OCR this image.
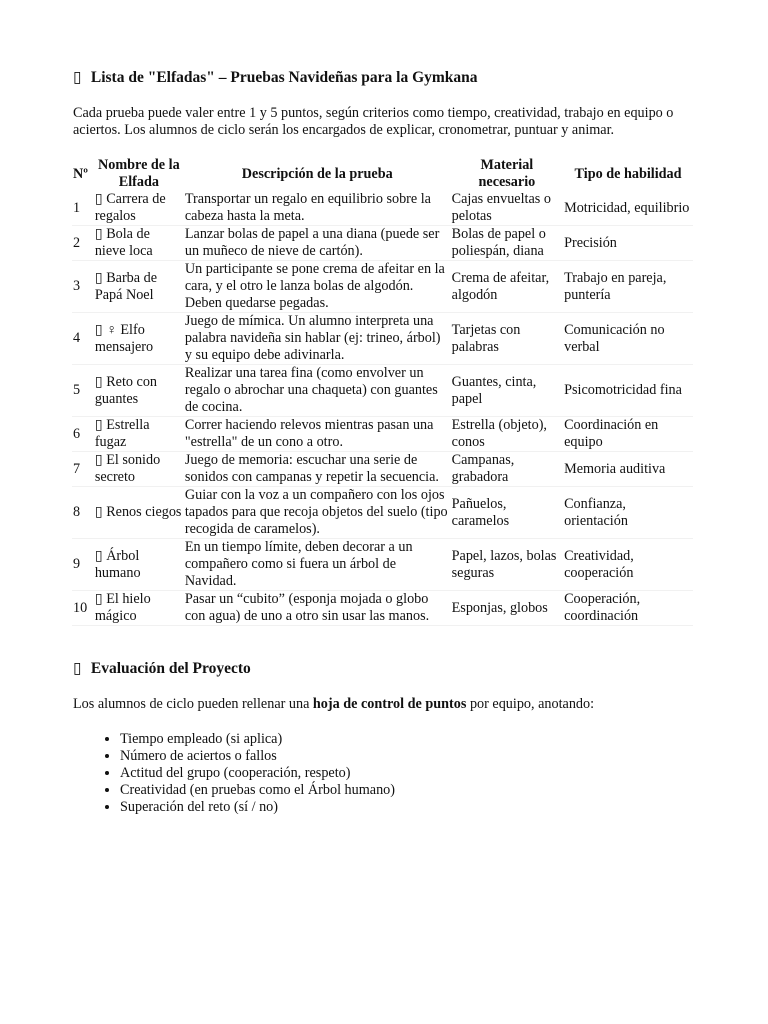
▯ Lista de "Elfadas" – Pruebas Navideñas para la Gymkana

Cada prueba puede valer entre 1 y 5 puntos, según criterios como tiempo, creatividad, trabajo en equipo o aciertos. Los alumnos de ciclo serán los encargados de explicar, cronometrar, puntuar y animar.

Nº	Nombre de la Elfada	Descripción de la prueba	Material necesario	Tipo de habilidad
1	▯ Carrera de regalos	Transportar un regalo en equilibrio sobre la cabeza hasta la meta.	Cajas envueltas o pelotas	Motricidad, equilibrio
2	▯ Bola de nieve loca	Lanzar bolas de papel a una diana (puede ser un muñeco de nieve de cartón).	Bolas de papel o poliespán, diana	Precisión
3	▯ Barba de Papá Noel	Un participante se pone crema de afeitar en la cara, y el otro le lanza bolas de algodón. Deben quedarse pegadas.	Crema de afeitar, algodón	Trabajo en pareja, puntería
4	▯ ♀ Elfo mensajero	Juego de mímica. Un alumno interpreta una palabra navideña sin hablar (ej: trineo, árbol) y su equipo debe adivinarla.	Tarjetas con palabras	Comunicación no verbal
5	▯ Reto con guantes	Realizar una tarea fina (como envolver un regalo o abrochar una chaqueta) con guantes de cocina.	Guantes, cinta, papel	Psicomotricidad fina
6	▯ Estrella fugaz	Correr haciendo relevos mientras pasan una "estrella" de un cono a otro.	Estrella (objeto), conos	Coordinación en equipo
7	▯ El sonido secreto	Juego de memoria: escuchar una serie de sonidos con campanas y repetir la secuencia.	Campanas, grabadora	Memoria auditiva
8	▯ Renos ciegos	Guiar con la voz a un compañero con los ojos tapados para que recoja objetos del suelo (tipo recogida de caramelos).	Pañuelos, caramelos	Confianza, orientación
9	▯ Árbol humano	En un tiempo límite, deben decorar a un compañero como si fuera un árbol de Navidad.	Papel, lazos, bolas seguras	Creatividad, cooperación
10	▯ El hielo mágico	Pasar un “cubito” (esponja mojada o globo con agua) de uno a otro sin usar las manos.	Esponjas, globos	Cooperación, coordinación
▯ Evaluación del Proyecto

Los alumnos de ciclo pueden rellenar una hoja de control de puntos por equipo, anotando:

• Tiempo empleado (si aplica)
• Número de aciertos o fallos
• Actitud del grupo (cooperación, respeto)
• Creatividad (en pruebas como el Árbol humano)
• Superación del reto (sí / no)
